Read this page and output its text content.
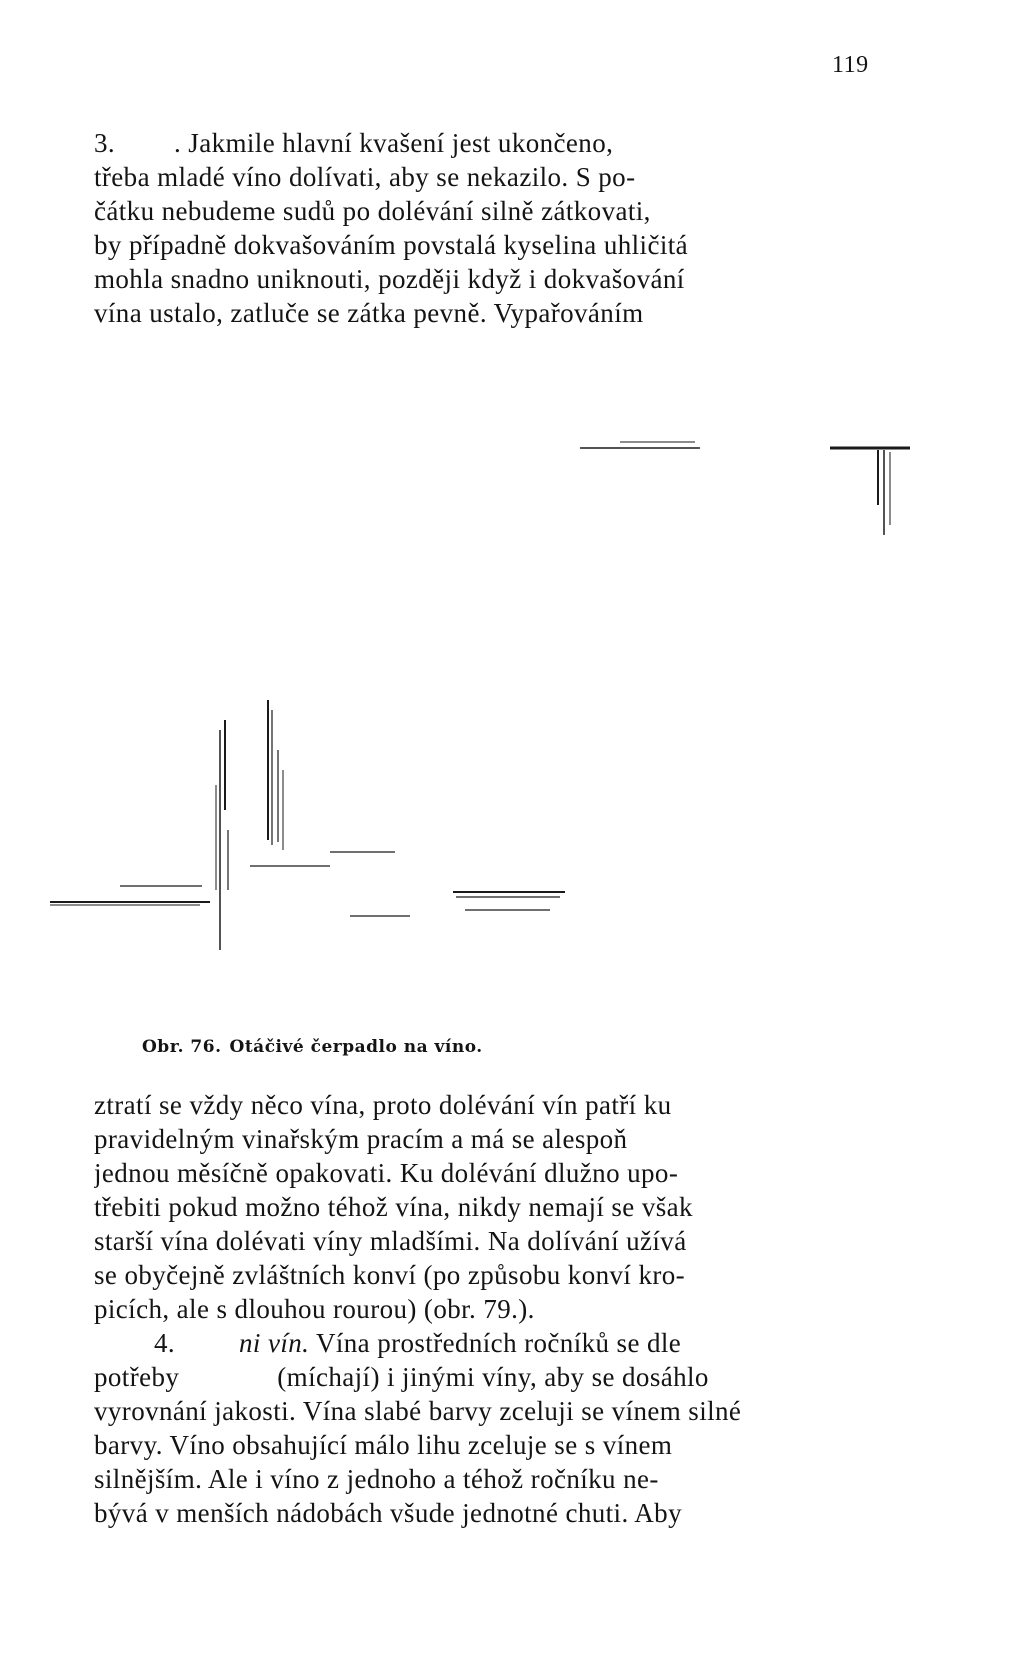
119
3. . Jakmile hlavní kvašení jest ukončeno,
třeba mladé víno dolívati, aby se nekazilo. S po-
čátku nebudeme sudů po dolévání silně zátkovati,
by případně dokvašováním povstalá kyselina uhličitá
mohla snadno uniknouti, později když i dokvašování
vína ustalo, zatluče se zátka pevně. Vypařováním
Obr. 76. Otáčivé čerpadlo na víno.
ztratí se vždy něco vína, proto dolévání vín patří ku
pravidelným vinařským pracím a má se alespoň
jednou měsíčně opakovati. Ku dolévání dlužno upo-
třebiti pokud možno téhož vína, nikdy nemají se však
starší vína dolévati víny mladšími. Na dolívání užívá
se obyčejně zvláštních konví (po způsobu konví kro-
picích, ale s dlouhou rourou) (obr. 79.).
4. ni vín. Vína prostředních ročníků se dle
potřeby	(míchají) i jinými víny, aby se dosáhlo
vyrovnání jakosti. Vína slabé barvy zceluji se vínem silné
barvy. Víno obsahující málo lihu zceluje se s vínem
silnějším. Ale i víno z jednoho a téhož ročníku ne-
bývá v menších nádobách všude jednotné chuti. Aby
